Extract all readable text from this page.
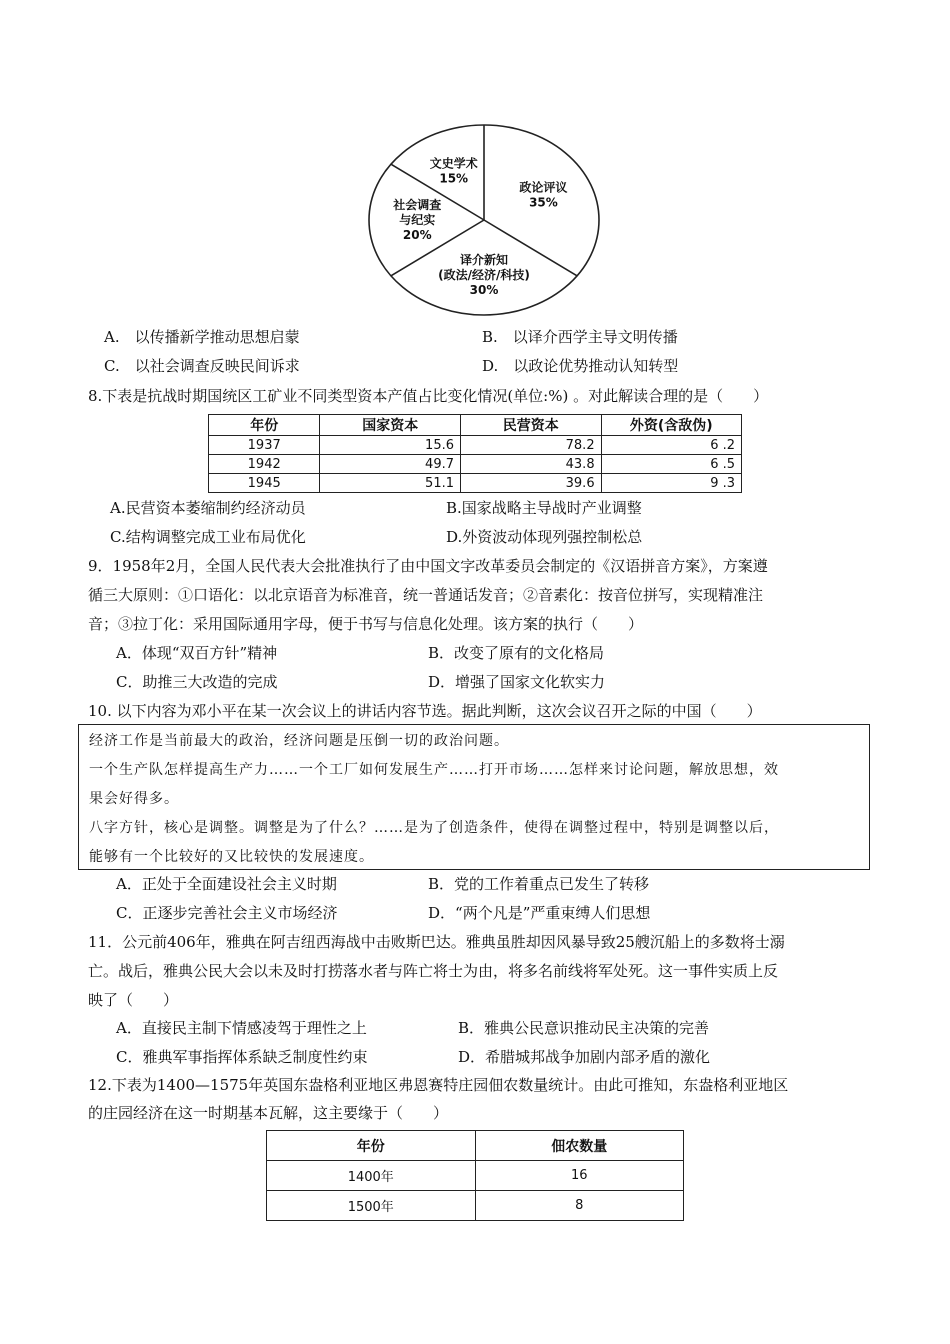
政论评议 35%
译介新知(政法/经济/科技) 30%
社会调查与纪实 20%
文史学术 15%
A.　以传播新学推动思想启蒙	B.　以译介西学主导文明传播
C.　以社会调查反映民间诉求	D.　以政论优势推动认知转型
8.下表是抗战时期国统区工矿业不同类型资本产值占比变化情况(单位:%) 。对此解读合理的是（　　）
年份	国家资本	民营资本	外资(含敌伪)
1937	15.6	78.2	6 .2
1942	49.7	43.8	6 .5
1945	51.1	39.6	9 .3
A.民营资本萎缩制约经济动员	B.国家战略主导战时产业调整
C.结构调整完成工业布局优化	D.外资波动体现列强控制松总
9．1958年2月，全国人民代表大会批准执行了由中国文字改革委员会制定的《汉语拼音方案》，方案遵
循三大原则：①口语化：以北京语音为标准音，统一普通话发音；②音素化：按音位拼写，实现精准注
音；③拉丁化：采用国际通用字母，便于书写与信息化处理。该方案的执行（　　）
A．体现“双百方针”精神	B．改变了原有的文化格局
C．助推三大改造的完成	D．增强了国家文化软实力
10. 以下内容为邓小平在某一次会议上的讲话内容节选。据此判断，这次会议召开之际的中国（　　）
经济工作是当前最大的政治，经济问题是压倒一切的政治问题。
一个生产队怎样提高生产力……一个工厂如何发展生产……打开市场……怎样来讨论问题，解放思想，效
果会好得多。
八字方针，核心是调整。调整是为了什么？……是为了创造条件，使得在调整过程中，特别是调整以后，
能够有一个比较好的又比较快的发展速度。
A．正处于全面建设社会主义时期	B．党的工作着重点已发生了转移
C．正逐步完善社会主义市场经济	D．“两个凡是”严重束缚人们思想
11．公元前406年，雅典在阿吉纽西海战中击败斯巴达。雅典虽胜却因风暴导致25艘沉船上的多数将士溺
亡。战后，雅典公民大会以未及时打捞落水者与阵亡将士为由，将多名前线将军处死。这一事件实质上反
映了（　　）
A．直接民主制下情感凌驾于理性之上	B．雅典公民意识推动民主决策的完善
C．雅典军事指挥体系缺乏制度性约束	D．希腊城邦战争加剧内部矛盾的激化
12.下表为1400—1575年英国东盎格利亚地区弗恩赛特庄园佃农数量统计。由此可推知，东盎格利亚地区
的庄园经济在这一时期基本瓦解，这主要缘于（　　）
年份	佃农数量
1400年	16
1500年	8
